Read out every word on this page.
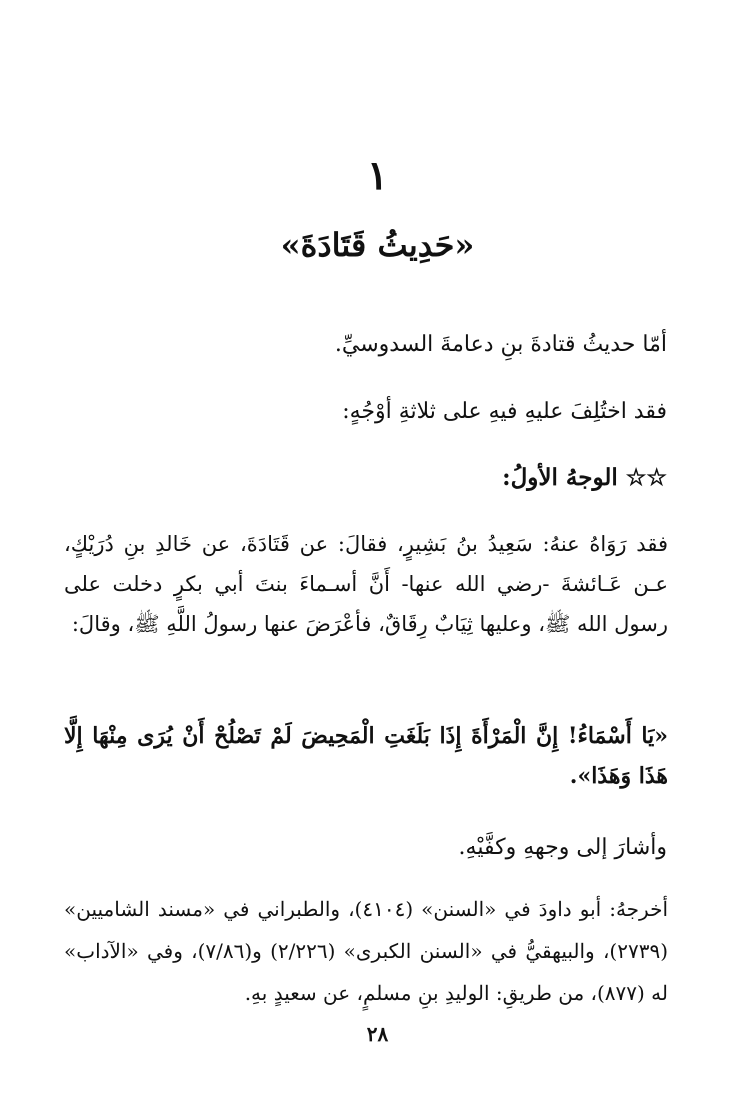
١
«حَدِيثُ قَتَادَةَ»
أمّا حديثُ قتادةَ بنِ دعامةَ السدوسيِّ.
فقد اختُلِفَ عليهِ فيهِ على ثلاثةِ أوْجُهٍ:
☆☆ الوجهُ الأولُ:
فقد رَوَاهُ عنهُ: سَعِيدُ بنُ بَشِيرٍ، فقالَ: عن قَتَادَةَ، عن خَالدِ بنِ دُرَيْكٍ، عـن عَـائشةَ -رضي الله عنها- أَنَّ أسـماءَ بنتَ أبي بكرٍ دخلت على رسول الله ﷺ، وعليها ثِيَابٌ رِقَاقٌ، فأعْرَضَ عنها رسولُ اللَّهِ ﷺ، وقالَ:
«يَا أَسْمَاءُ! إِنَّ الْمَرْأَةَ إِذَا بَلَغَتِ الْمَحِيضَ لَمْ تَصْلُحْ أَنْ يُرَى مِنْهَا إِلَّا هَذَا وَهَذَا».
وأشارَ إلى وجههِ وكفَّيْهِ.
أخرجهُ: أبو داودَ في «السنن» (٤١٠٤)، والطبراني في «مسند الشاميين» (٢٧٣٩)، والبيهقيُّ في «السنن الكبرى» (٢/٢٢٦) و(٧/٨٦)، وفي «الآداب» له (٨٧٧)، من طريقِ: الوليدِ بنِ مسلمٍ، عن سعيدٍ بهِ.
٢٨
